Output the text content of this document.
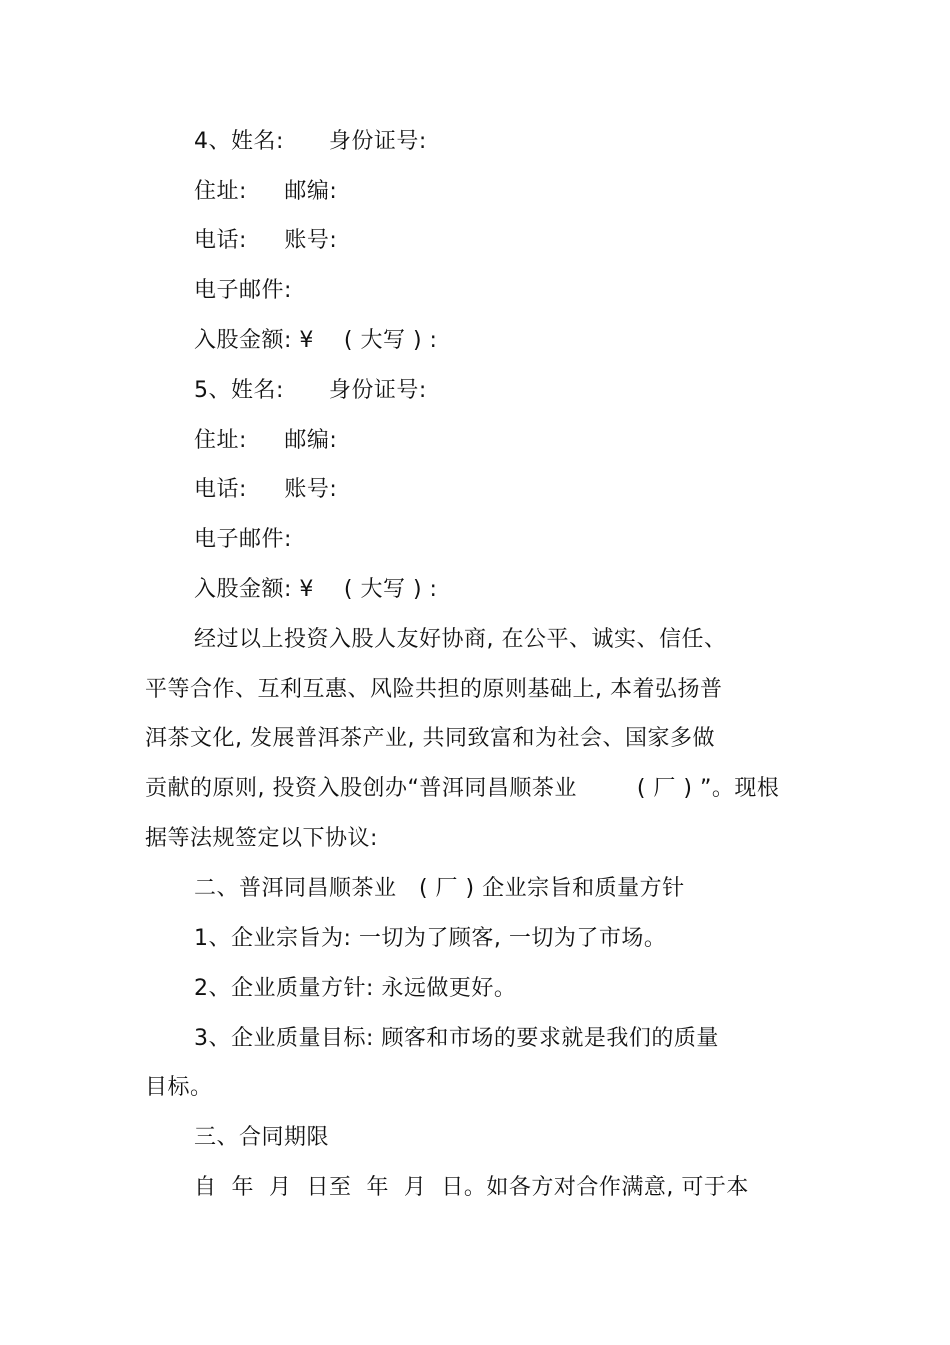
4、姓名:      身份证号:
住址:     邮编:
电话:     账号:
电子邮件:
入股金额: ¥    ( 大写 ) :
5、姓名:      身份证号:
住址:     邮编:
电话:     账号:
电子邮件:
入股金额: ¥    ( 大写 ) :
经过以上投资入股人友好协商, 在公平、诚实、信任、
平等合作、互利互惠、风险共担的原则基础上, 本着弘扬普
洱茶文化, 发展普洱茶产业, 共同致富和为社会、国家多做
贡献的原则, 投资入股创办“普洱同昌顺茶业        ( 厂 ) ”。现根
据等法规签定以下协议:
二、普洱同昌顺茶业   ( 厂 ) 企业宗旨和质量方针
1、企业宗旨为: 一切为了顾客, 一切为了市场。
2、企业质量方针: 永远做更好。
3、企业质量目标: 顾客和市场的要求就是我们的质量
目标。
三、合同期限
自  年  月  日至  年  月  日。如各方对合作满意, 可于本
